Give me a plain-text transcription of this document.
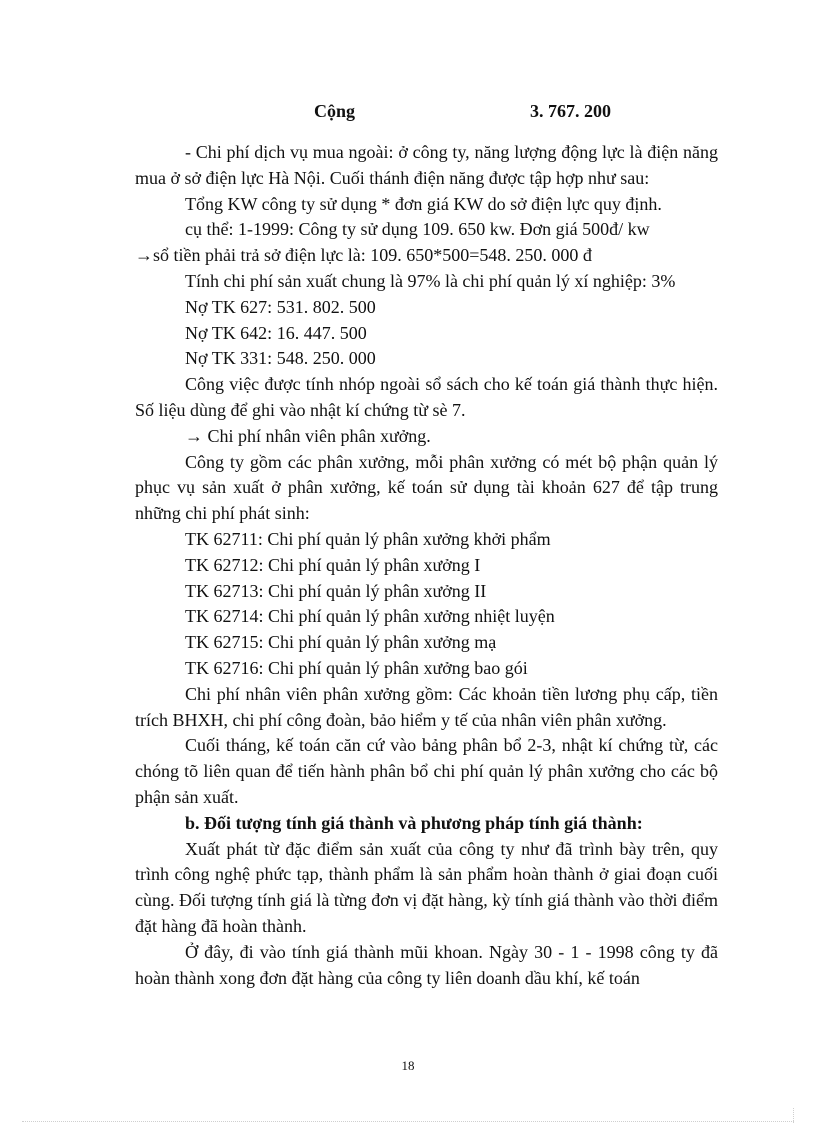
Cộng	3. 767. 200

- Chi phí dịch vụ mua ngoài: ở công ty, năng lượng động lực là điện năng mua ở sở điện lực Hà Nội. Cuối thánh điện năng được tập hợp như sau:

Tổng KW công ty sử dụng * đơn giá KW do sở điện lực quy định.

cụ thể: 1-1999: Công ty sử dụng 109. 650 kw. Đơn giá 500đ/ kw

→sổ tiền phải trả sở điện lực là: 109. 650*500=548. 250. 000 đ

Tính chi phí sản xuất chung là 97% là chi phí quản lý xí nghiệp: 3%

Nợ TK 627: 531. 802. 500

Nợ TK 642: 16. 447. 500

Nợ TK 331: 548. 250. 000

Công việc được tính nhóp ngoài sổ sách cho kế toán giá thành thực hiện. Số liệu dùng để ghi vào nhật kí chứng từ sè 7.

→ Chi phí nhân viên phân xưởng.

Công ty gồm các phân xưởng, mỗi phân xưởng có mét bộ phận quản lý phục vụ sản xuất ở phân xưởng, kế toán sử dụng tài khoản 627 để tập trung những chi phí phát sinh:

TK 62711: Chi phí quản lý phân xưởng khởi phẩm

TK 62712: Chi phí quản lý phân xưởng I

TK 62713: Chi phí quản lý phân xưởng II

TK 62714: Chi phí quản lý phân xưởng nhiệt luyện

TK 62715: Chi phí quản lý phân xưởng mạ

TK 62716: Chi phí quản lý phân xưởng bao gói

Chi phí nhân viên phân xưởng gồm: Các khoản tiền lương phụ cấp, tiền trích BHXH, chi phí công đoàn, bảo hiểm y tế của nhân viên phân xưởng.

Cuối tháng, kế toán căn cứ vào bảng phân bổ 2-3, nhật kí chứng từ, các chóng tõ liên quan để tiến hành phân bổ chi phí quản lý phân xưởng cho các bộ phận sản xuất.

b. Đối tượng tính giá thành và phương pháp tính giá thành:

Xuất phát từ đặc điểm sản xuất của công ty như đã trình bày trên, quy trình công nghệ phức tạp, thành phẩm là sản phẩm hoàn thành ở giai đoạn cuối cùng. Đối tượng tính giá là từng đơn vị đặt hàng, kỳ tính giá thành vào thời điểm đặt hàng đã hoàn thành.

Ở đây, đi vào tính giá thành mũi khoan. Ngày 30 - 1 - 1998 công ty đã hoàn thành xong đơn đặt hàng của công ty liên doanh dầu khí, kế toán

18
